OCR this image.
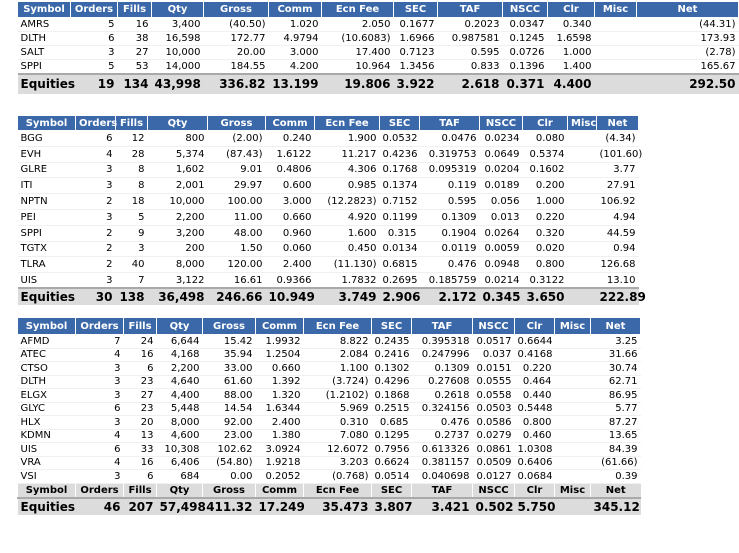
Symbol	Orders	Fills	Qty	Gross	Comm	Ecn Fee	SEC	TAF	NSCC	Clr	Misc	Net
AMRS	5	16	3,400	(40.50)	1.020	2.050	0.1677	0.2023	0.0347	0.340		(44.31)
DLTH	6	38	16,598	172.77	4.9794	(10.6083)	1.6966	0.987581	0.1245	1.6598		173.93
SALT	3	27	10,000	20.00	3.000	17.400	0.7123	0.595	0.0726	1.000		(2.78)
SPPI	5	53	14,000	184.55	4.200	10.964	1.3456	0.833	0.1396	1.400		165.67
Equities	19	134	43,998	336.82	13.199	19.806	3.922	2.618	0.371	4.400		292.50
Symbol	Orders	Fills	Qty	Gross	Comm	Ecn Fee	SEC	TAF	NSCC	Clr	Misc	Net
BGG	6	12	800	(2.00)	0.240	1.900	0.0532	0.0476	0.0234	0.080		(4.34)
EVH	4	28	5,374	(87.43)	1.6122	11.217	0.4236	0.319753	0.0649	0.5374		(101.60)
GLRE	3	8	1,602	9.01	0.4806	4.306	0.1768	0.095319	0.0204	0.1602		3.77
ITI	3	8	2,001	29.97	0.600	0.985	0.1374	0.119	0.0189	0.200		27.91
NPTN	2	18	10,000	100.00	3.000	(12.2823)	0.7152	0.595	0.056	1.000		106.92
PEI	3	5	2,200	11.00	0.660	4.920	0.1199	0.1309	0.013	0.220		4.94
SPPI	2	9	3,200	48.00	0.960	1.600	0.315	0.1904	0.0264	0.320		44.59
TGTX	2	3	200	1.50	0.060	0.450	0.0134	0.0119	0.0059	0.020		0.94
TLRA	2	40	8,000	120.00	2.400	(11.130)	0.6815	0.476	0.0948	0.800		126.68
UIS	3	7	3,122	16.61	0.9366	1.7832	0.2695	0.185759	0.0214	0.3122		13.10
Equities	30	138	36,498	246.66	10.949	3.749	2.906	2.172	0.345	3.650		222.89
Symbol	Orders	Fills	Qty	Gross	Comm	Ecn Fee	SEC	TAF	NSCC	Clr	Misc	Net
AFMD	7	24	6,644	15.42	1.9932	8.822	0.2435	0.395318	0.0517	0.6644		3.25
ATEC	4	16	4,168	35.94	1.2504	2.084	0.2416	0.247996	0.037	0.4168		31.66
CTSO	3	6	2,200	33.00	0.660	1.100	0.1302	0.1309	0.0151	0.220		30.74
DLTH	3	23	4,640	61.60	1.392	(3.724)	0.4296	0.27608	0.0555	0.464		62.71
ELGX	3	27	4,400	88.00	1.320	(1.2102)	0.1868	0.2618	0.0558	0.440		86.95
GLYC	6	23	5,448	14.54	1.6344	5.969	0.2515	0.324156	0.0503	0.5448		5.77
HLX	3	20	8,000	92.00	2.400	0.310	0.685	0.476	0.0586	0.800		87.27
KDMN	4	13	4,600	23.00	1.380	7.080	0.1295	0.2737	0.0279	0.460		13.65
UIS	6	33	10,308	102.62	3.0924	12.6072	0.7956	0.613326	0.0861	1.0308		84.39
VRA	4	16	6,406	(54.80)	1.9218	3.203	0.6624	0.381157	0.0509	0.6406		(61.66)
VSI	3	6	684	0.00	0.2052	(0.768)	0.0514	0.040698	0.0127	0.0684		0.39
Symbol	Orders	Fills	Qty	Gross	Comm	Ecn Fee	SEC	TAF	NSCC	Clr	Misc	Net
Equities	46	207	57,498	411.32	17.249	35.473	3.807	3.421	0.502	5.750		345.12
